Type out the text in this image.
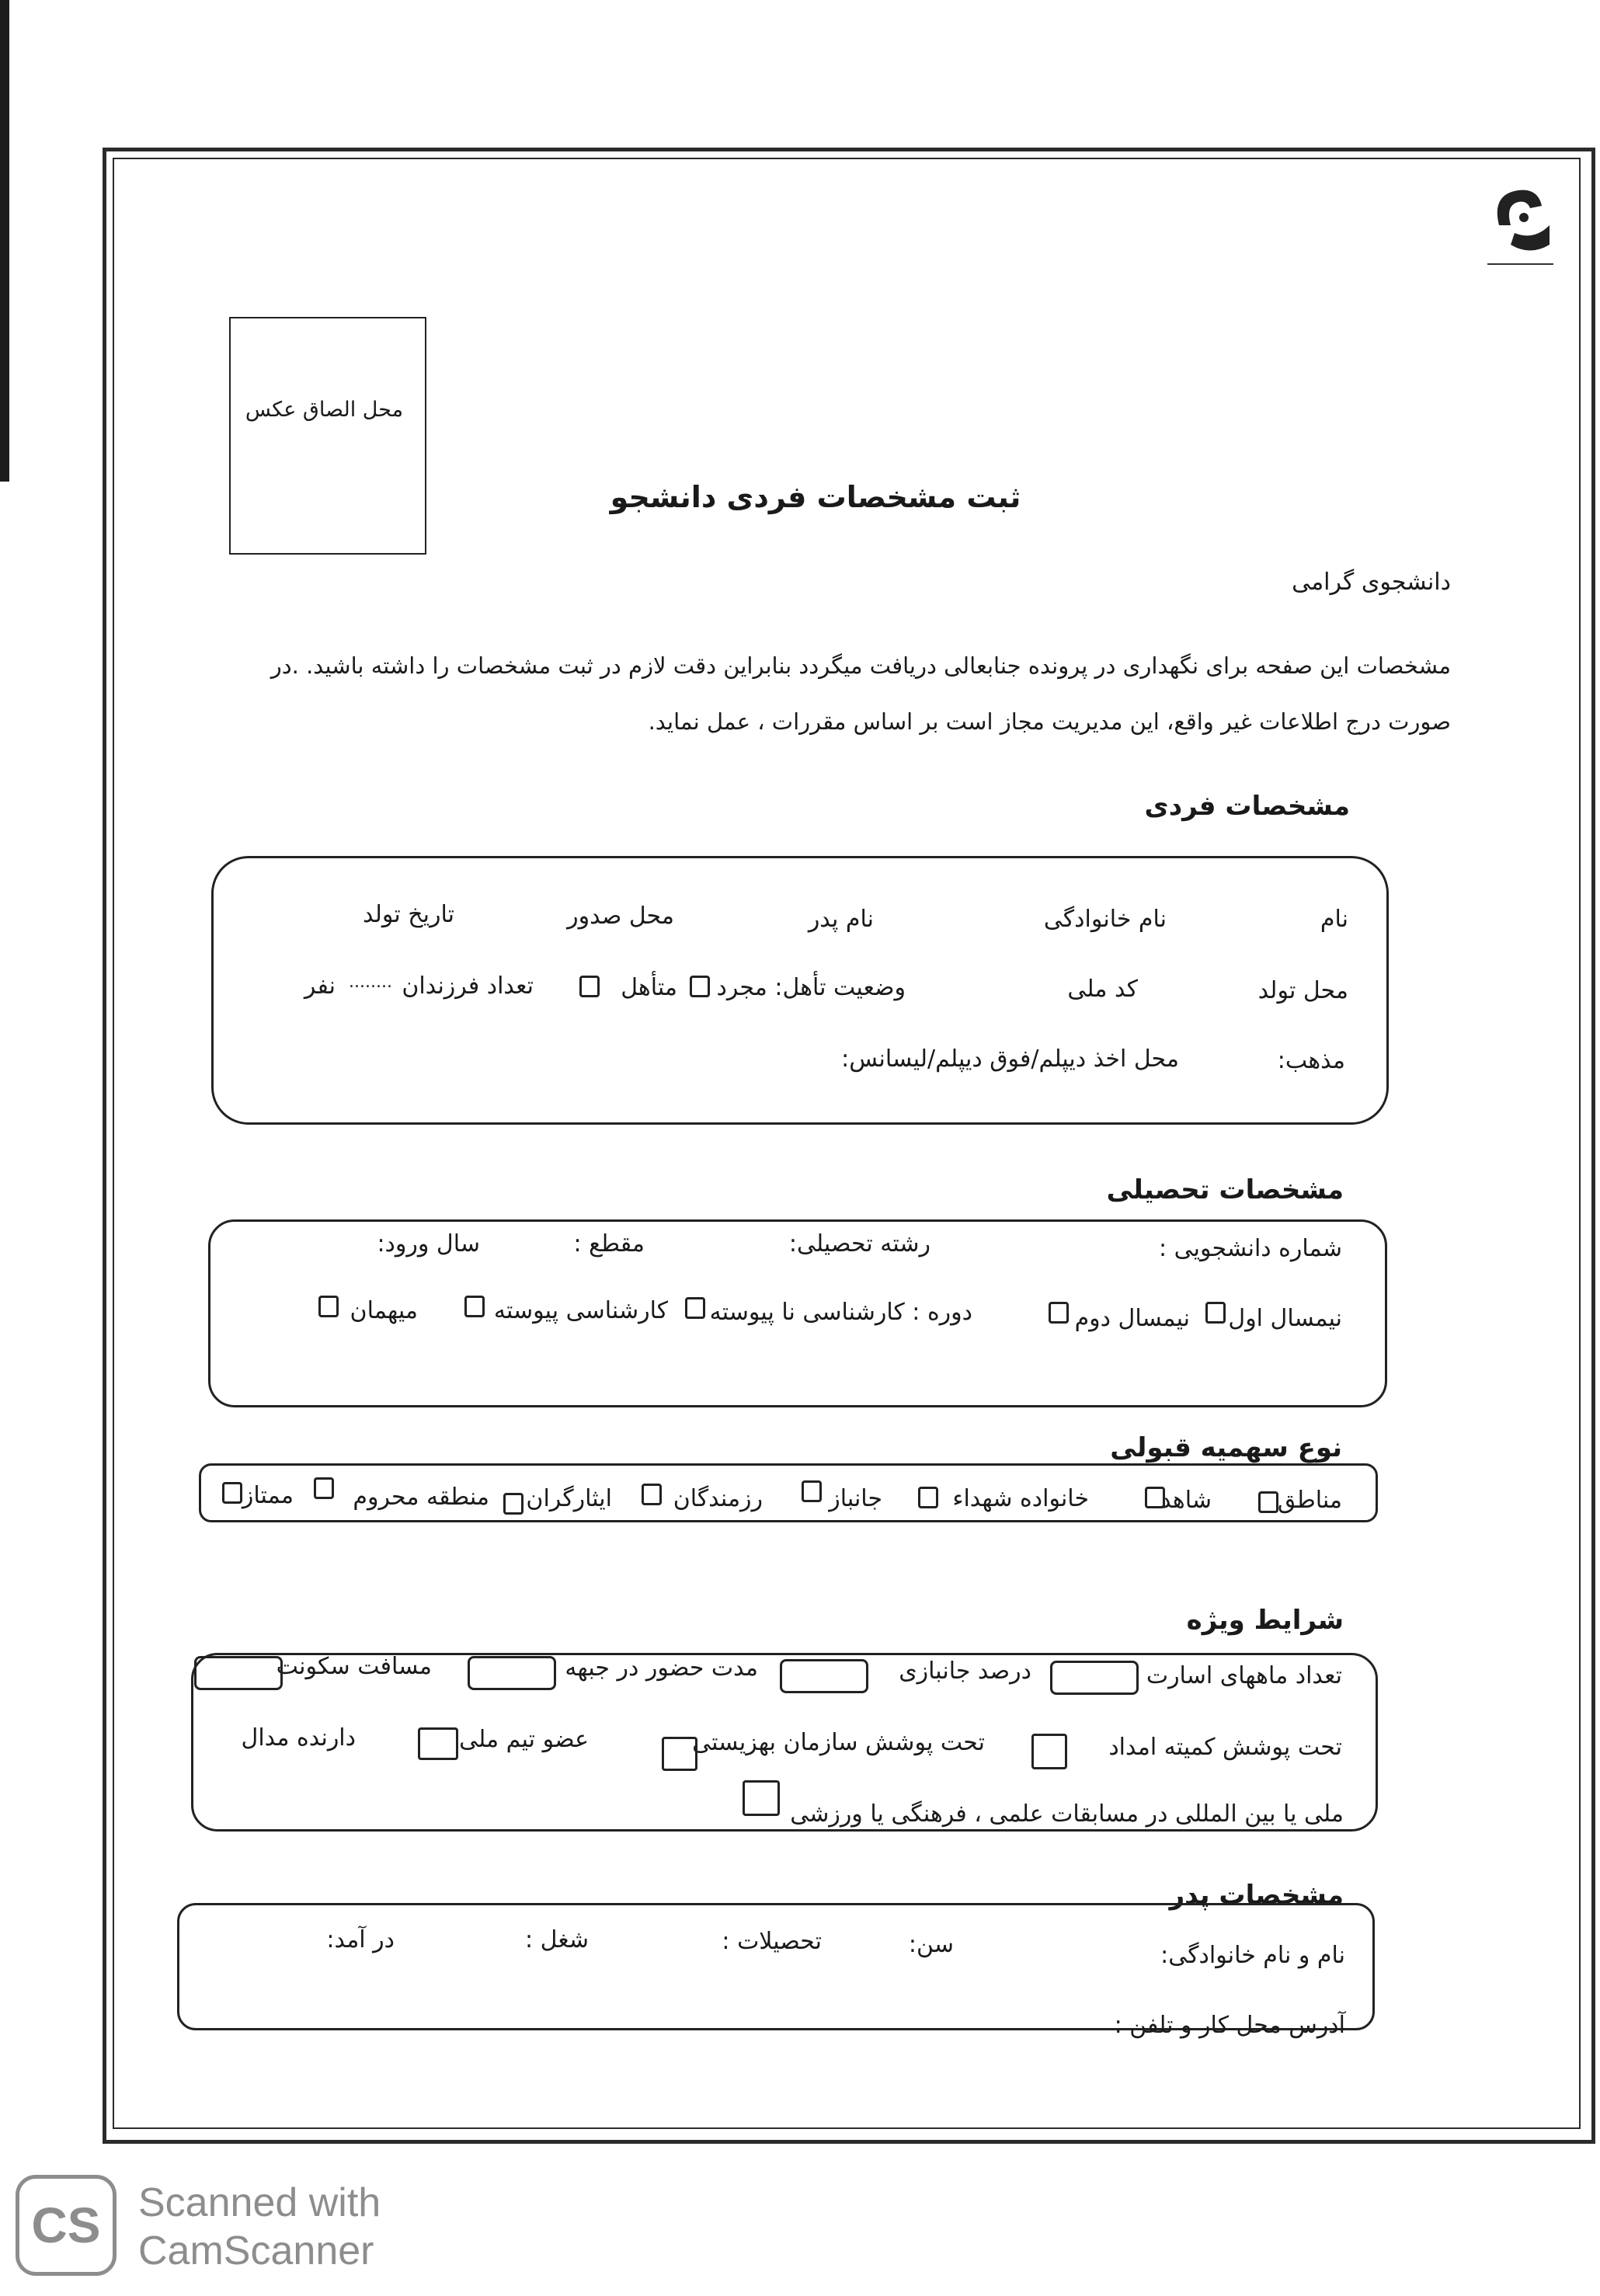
محل الصاق عکس
ثبت مشخصات فردی دانشجو
دانشجوی گرامی
مشخصات این صفحه برای نگهداری در پرونده جنابعالی دریافت میگردد بنابراین دقت لازم در ثبت مشخصات را داشته باشید. .در
صورت درج اطلاعات غیر واقع، این مدیریت مجاز است بر اساس مقررات ، عمل نماید.
مشخصات فردی
نام
نام خانوادگی
نام پدر
محل صدور
تاریخ تولد
محل تولد
کد ملی
وضعیت تأهل: مجرد
متأهل
تعداد فرزندان
........
نفر
مذهب:
محل اخذ دیپلم/فوق دیپلم/لیسانس:
مشخصات تحصیلی
شماره دانشجویی :
رشته تحصیلی:
مقطع :
سال ورود:
نیمسال اول
نیمسال دوم
دوره : کارشناسی نا پیوسته
کارشناسی پیوسته
میهمان
نوع سهمیه قبولی
مناطق
شاهد
خانواده شهداء
جانباز
رزمندگان
ایثارگران
منطقه محروم
ممتاز
شرایط ویژه
تعداد ماههای اسارت
درصد جانبازی
مدت حضور در جبهه
مسافت سکونت
تحت پوشش کمیته امداد
تحت پوشش سازمان بهزیستی
عضو تیم ملی
دارنده مدال
ملی یا بین المللی در مسابقات علمی ، فرهنگی یا ورزشی
مشخصات پدر
نام و نام خانوادگی:
سن:
تحصیلات :
شغل :
در آمد:
آدرس محل کار و تلفن :
CS Scanned with
CamScanner
